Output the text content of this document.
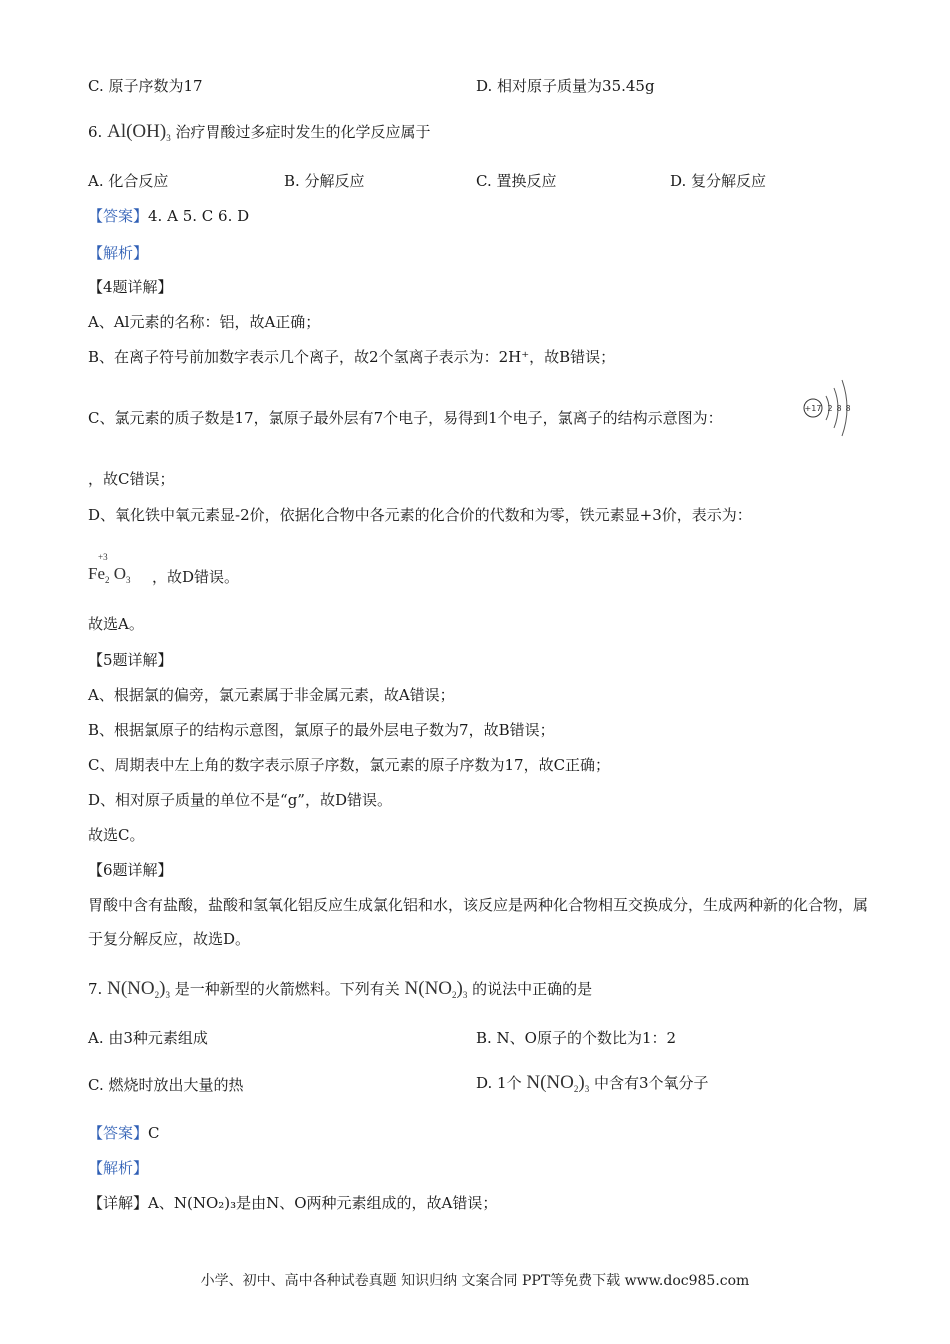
C. 原子序数为17	D. 相对原子质量为35.45g
6. $Al(OH)_3$ 治疗胃酸过多症时发生的化学反应属于
A. 化合反应	B. 分解反应	C. 置换反应	D. 复分解反应
【答案】4. A 5. C 6. D
【解析】
【4题详解】
A、Al元素的名称：铝，故A正确；
B、在离子符号前加数字表示几个离子，故2个氢离子表示为：2H⁺，故B错误；
C、氯元素的质子数是17，氯原子最外层有7个电子，易得到1个电子，氯离子的结构示意图为：
+17 2 8 8
，故C错误；
D、氧化铁中氧元素显-2价，依据化合物中各元素的化合价的代数和为零，铁元素显+3价，表示为：
+3
$Fe_2$ $O_3$ ，故D错误。
故选A。
【5题详解】
A、根据氯的偏旁，氯元素属于非金属元素，故A错误；
B、根据氯原子的结构示意图，氯原子的最外层电子数为7，故B错误；
C、周期表中左上角的数字表示原子序数，氯元素的原子序数为17，故C正确；
D、相对原子质量的单位不是“g”，故D错误。
故选C。
【6题详解】
胃酸中含有盐酸，盐酸和氢氧化铝反应生成氯化铝和水，该反应是两种化合物相互交换成分，生成两种新的化合物，属于复分解反应，故选D。
7. $N(NO_2)_3$ 是一种新型的火箭燃料。下列有关 $N(NO_2)_3$ 的说法中正确的是
A. 由3种元素组成	B. N、O原子的个数比为1：2
C. 燃烧时放出大量的热	D. 1个 $N(NO_2)_3$ 中含有3个氧分子
【答案】C
【解析】
【详解】A、N(NO₂)₃是由N、O两种元素组成的，故A错误；
小学、初中、高中各种试卷真题 知识归纳 文案合同 PPT等免费下载 www.doc985.com
